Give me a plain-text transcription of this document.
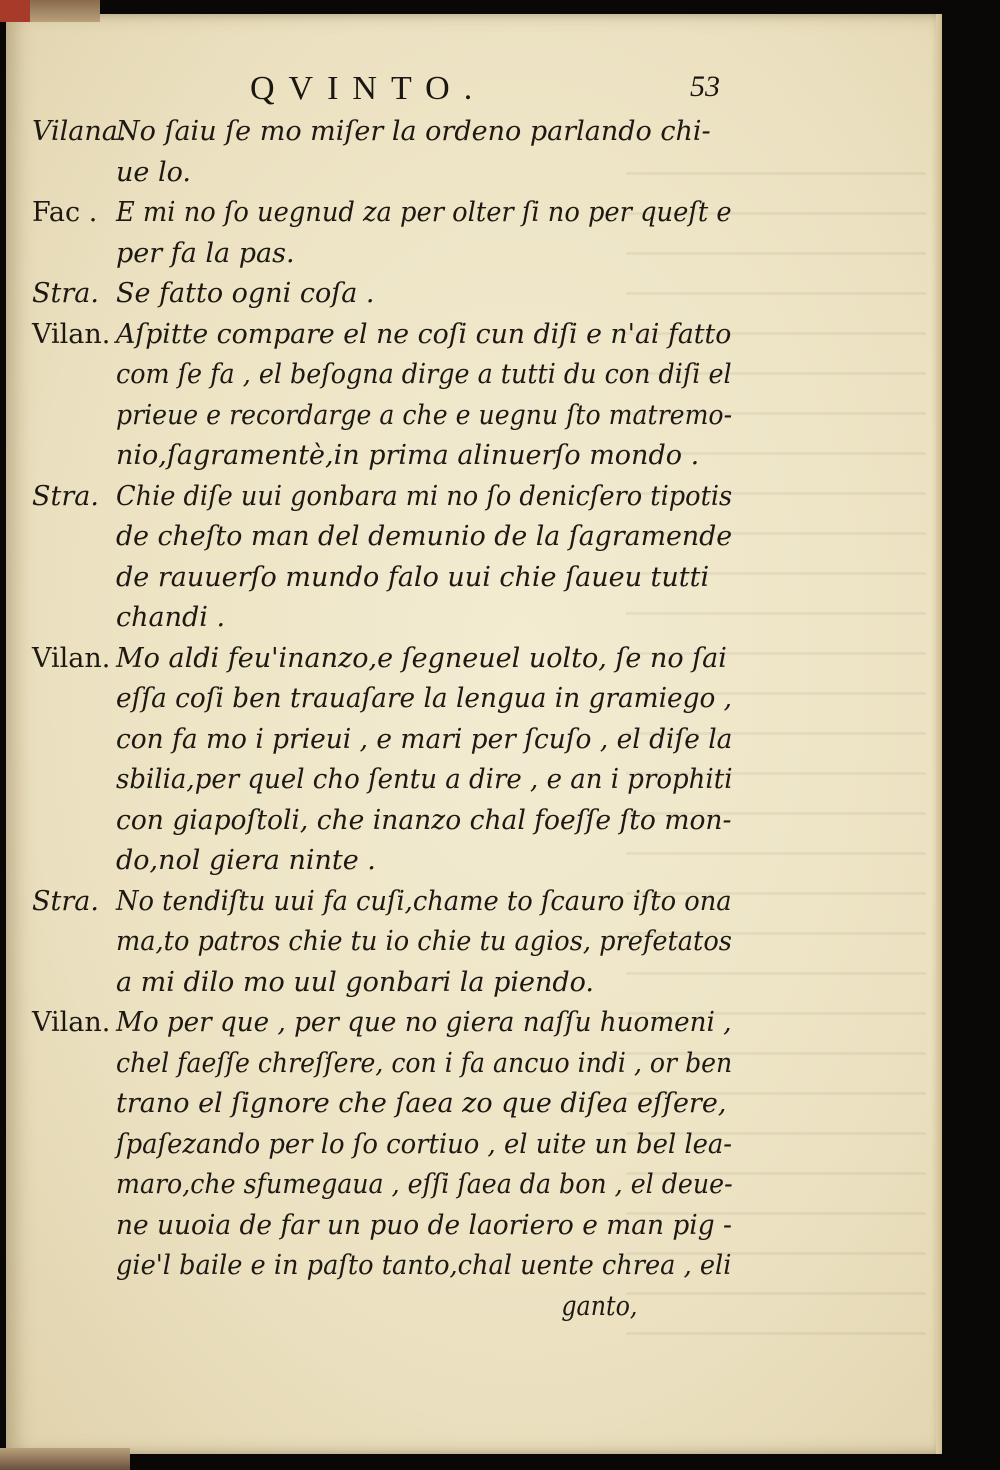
QVINTO.	53
Vilana.
No ſaiu ſe mo miſer la ordeno parlando chi-
ue lo.
Fac . E mi no ſo uegnud za per olter ſi no per queſt e
per fa la pas.
Stra. Se fatto ogni coſa .
Vilan. Aſpitte compare el ne coſi cun diſi e n'ai fatto
com ſe fa , el beſogna dirge a tutti du con diſi el
prieue e recordarge a che e uegnu ſto matremo-
nio,ſagramentè,in prima alinuerſo mondo .
Stra. Chie diſe uui gonbara mi no ſo denicſero tipotis
de cheſto man del demunio de la ſagramende
de rauuerſo mundo falo uui chie ſaueu tutti
chandi .
Vilan. Mo aldi feu'inanzo,e ſegneuel uolto, ſe no ſai
eſſa coſi ben trauaſare la lengua in gramiego ,
con fa mo i prieui , e mari per ſcuſo , el diſe la
sbilia,per quel cho ſentu a dire , e an i prophiti
con giapoſtoli, che inanzo chal foeſſe ſto mon-
do,nol giera ninte .
Stra. No tendiſtu uui fa cuſi,chame to ſcauro iſto ona
ma,to patros chie tu io chie tu agios, prefetatos
a mi dilo mo uul gonbari la piendo.
Vilan. Mo per que , per que no giera naſſu huomeni ,
chel faeſſe chreſſere, con i fa ancuo indi , or ben
trano el ſignore che ſaea zo que diſea eſſere,
ſpaſezando per lo ſo cortiuo , el uite un bel lea-
maro,che sfumegaua , eſſi ſaea da bon , el deue-
ne uuoia de far un puo de laoriero e man pig -
gie'l baile e in paſto tanto,chal uente chrea , eli
ganto,
